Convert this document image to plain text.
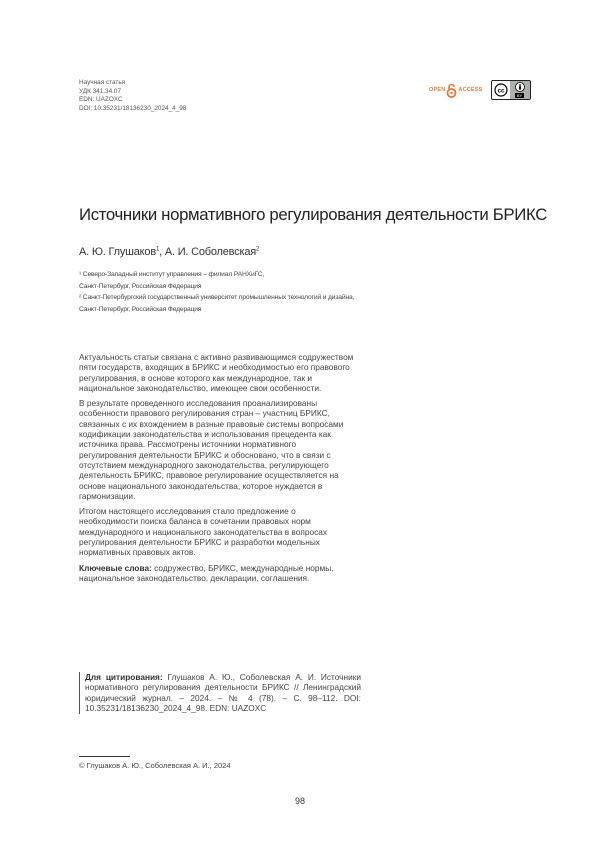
Научная статья
УДК 341.34.07
EDN: UAZOXC
DOI: 10.35231/18136230_2024_4_98
OPEN ACCESS cc
BY
Источники нормативного регулирования деятельности БРИКС
А. Ю. Глушаков$^1$, А. И. Соболевская$^2$
¹ Северо-Западный институт управления – филиал РАНХиГС,
Санкт-Петербург, Российская Федерация
² Санкт-Петербургский государственный университет промышленных технологий и дизайна,
Санкт-Петербург, Российская Федерация

Актуальность статьи связана с активно развивающимся содружеством пяти государств, входящих в БРИКС и необходимостью его правового регулирования, в основе которого как международное, так и национальное законодательство, имеющее свои особенности.

В результате проведенного исследования проанализированы особенности правового регулирования стран – участниц БРИКС, связанных с их вхождением в разные правовые системы вопросами кодификации законодательства и использования прецедента как источника права. Рассмотрены источники нормативного регулирования деятельности БРИКС и обосновано, что в связи с отсутствием международного законодательства, регулирующего деятельность БРИКС, правовое регулирование осуществляется на основе национального законодательства, которое нуждается в гармонизации.

Итогом настоящего исследования стало предложение о необходимости поиска баланса в сочетании правовых норм международного и национального законодательства в вопросах регулирования деятельности БРИКС и разработки модельных нормативных правовых актов.

Ключевые слова: содружество, БРИКС, международные нормы, национальное законодательство, декларации, соглашения.

Для цитирования: Глушаков А. Ю., Соболевская А. И. Источники нормативного регулирования деятельности БРИКС // Ленинградский юридический журнал. – 2024. – № 4 (78). – С. 98–112. DOI: 10.35231/18136230_2024_4_98. EDN: UAZOXC
© Глушаков А. Ю., Соболевская А. И., 2024
98
